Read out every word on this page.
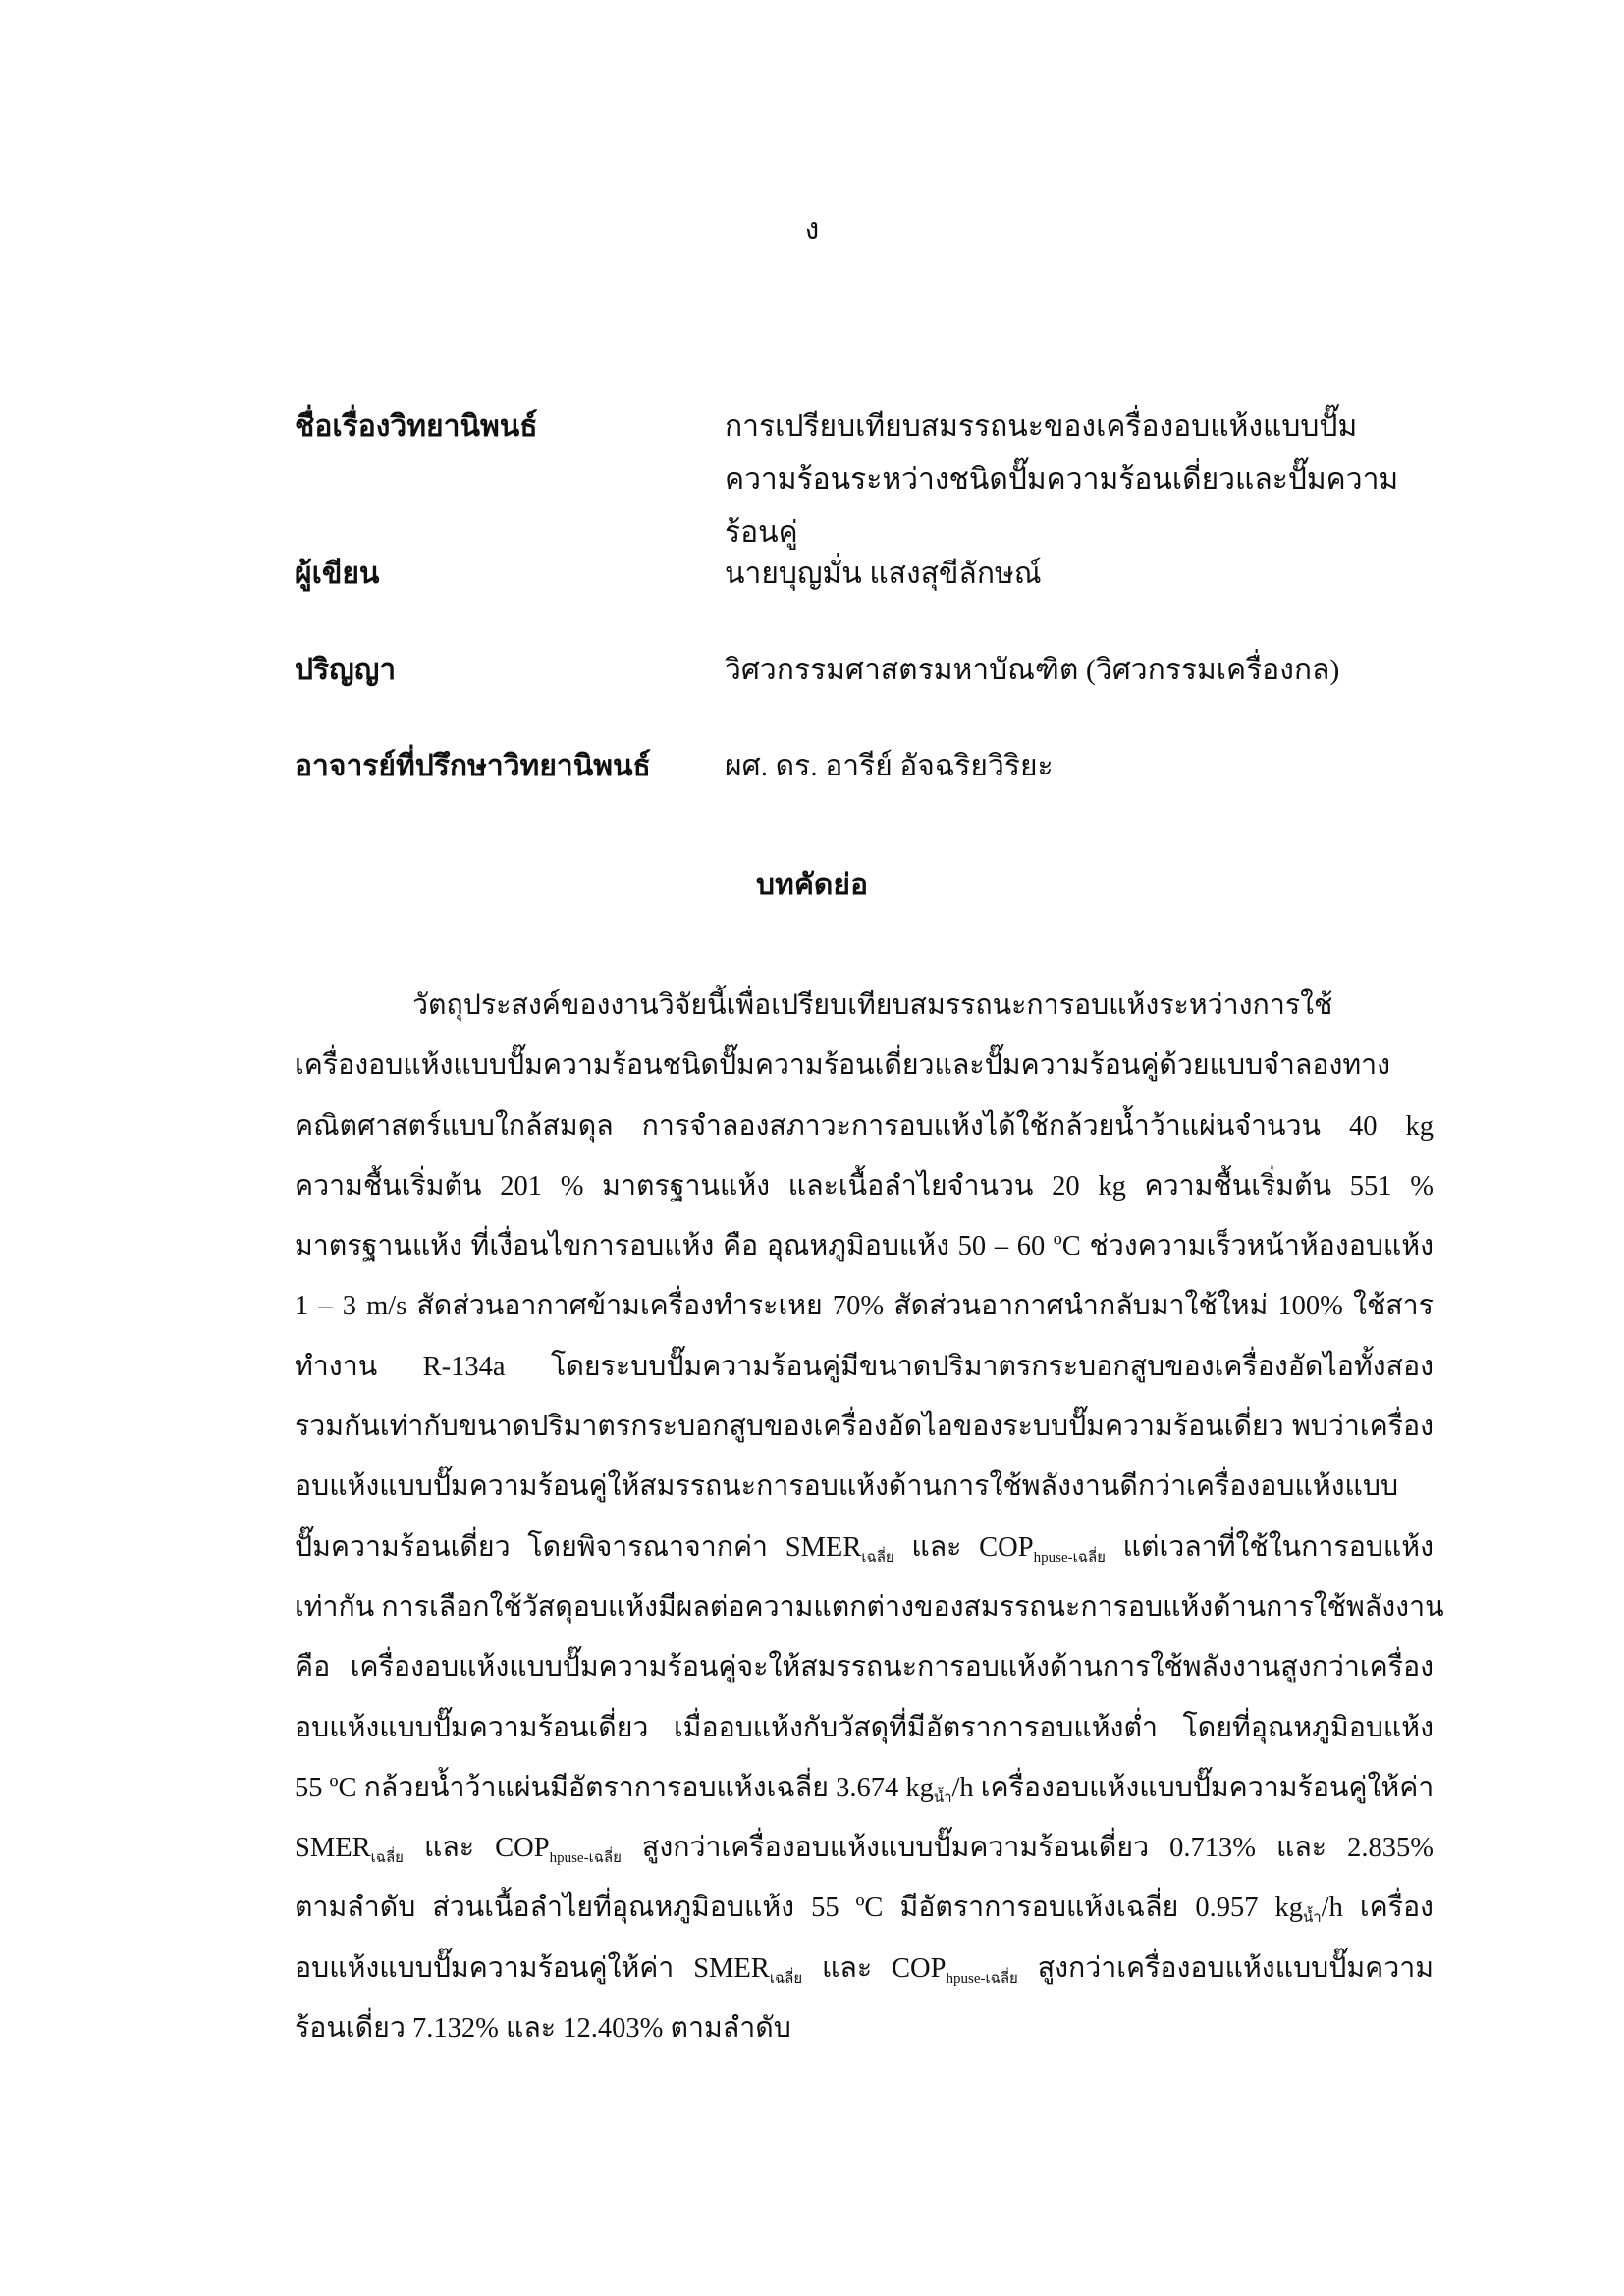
ง
ชื่อเรื่องวิทยานิพนธ์	การเปรียบเทียบสมรรถนะของเครื่องอบแห้งแบบปั๊ม
ความร้อนระหว่างชนิดปั๊มความร้อนเดี่ยวและปั๊มความร้อนคู่
ผู้เขียน	นายบุญมั่น แสงสุขีลักษณ์
ปริญญา	วิศวกรรมศาสตรมหาบัณฑิต (วิศวกรรมเครื่องกล)
อาจารย์ที่ปรึกษาวิทยานิพนธ์	ผศ. ดร. อารีย์ อัจฉริยวิริยะ
บทคัดย่อ
วัตถุประสงค์ของงานวิจัยนี้เพื่อเปรียบเทียบสมรรถนะการอบแห้งระหว่างการใช้
เครื่องอบแห้งแบบปั๊มความร้อนชนิดปั๊มความร้อนเดี่ยวและปั๊มความร้อนคู่ด้วยแบบจำลองทาง
คณิตศาสตร์แบบใกล้สมดุล การจำลองสภาวะการอบแห้งได้ใช้กล้วยน้ำว้าแผ่นจำนวน 40 kg
ความชื้นเริ่มต้น 201 % มาตรฐานแห้ง และเนื้อลำไยจำนวน 20 kg ความชื้นเริ่มต้น 551 %
มาตรฐานแห้ง ที่เงื่อนไขการอบแห้ง คือ อุณหภูมิอบแห้ง 50 – 60 ºC ช่วงความเร็วหน้าห้องอบแห้ง
1 – 3 m/s สัดส่วนอากาศข้ามเครื่องทำระเหย 70% สัดส่วนอากาศนำกลับมาใช้ใหม่ 100% ใช้สาร
ทำงาน R-134a โดยระบบปั๊มความร้อนคู่มีขนาดปริมาตรกระบอกสูบของเครื่องอัดไอทั้งสอง
รวมกันเท่ากับขนาดปริมาตรกระบอกสูบของเครื่องอัดไอของระบบปั๊มความร้อนเดี่ยว พบว่าเครื่อง
อบแห้งแบบปั๊มความร้อนคู่ให้สมรรถนะการอบแห้งด้านการใช้พลังงานดีกว่าเครื่องอบแห้งแบบ
ปั๊มความร้อนเดี่ยว โดยพิจารณาจากค่า $SMER_{เฉลี่ย}$ และ $COP_{hpuse-เฉลี่ย}$ แต่เวลาที่ใช้ในการอบแห้ง
เท่ากัน การเลือกใช้วัสดุอบแห้งมีผลต่อความแตกต่างของสมรรถนะการอบแห้งด้านการใช้พลังงาน
คือ เครื่องอบแห้งแบบปั๊มความร้อนคู่จะให้สมรรถนะการอบแห้งด้านการใช้พลังงานสูงกว่าเครื่อง
อบแห้งแบบปั๊มความร้อนเดี่ยว เมื่ออบแห้งกับวัสดุที่มีอัตราการอบแห้งต่ำ โดยที่อุณหภูมิอบแห้ง
55 ºC กล้วยน้ำว้าแผ่นมีอัตราการอบแห้งเฉลี่ย 3.674 $kg_{น้ำ}/h$ เครื่องอบแห้งแบบปั๊มความร้อนคู่ให้ค่า
$SMER_{เฉลี่ย}$ และ $COP_{hpuse-เฉลี่ย}$ สูงกว่าเครื่องอบแห้งแบบปั๊มความร้อนเดี่ยว 0.713% และ 2.835%
ตามลำดับ ส่วนเนื้อลำไยที่อุณหภูมิอบแห้ง 55 ºC มีอัตราการอบแห้งเฉลี่ย 0.957 $kg_{น้ำ}/h$ เครื่อง
อบแห้งแบบปั๊มความร้อนคู่ให้ค่า $SMER_{เฉลี่ย}$ และ $COP_{hpuse-เฉลี่ย}$ สูงกว่าเครื่องอบแห้งแบบปั๊มความ
ร้อนเดี่ยว 7.132% และ 12.403% ตามลำดับ
